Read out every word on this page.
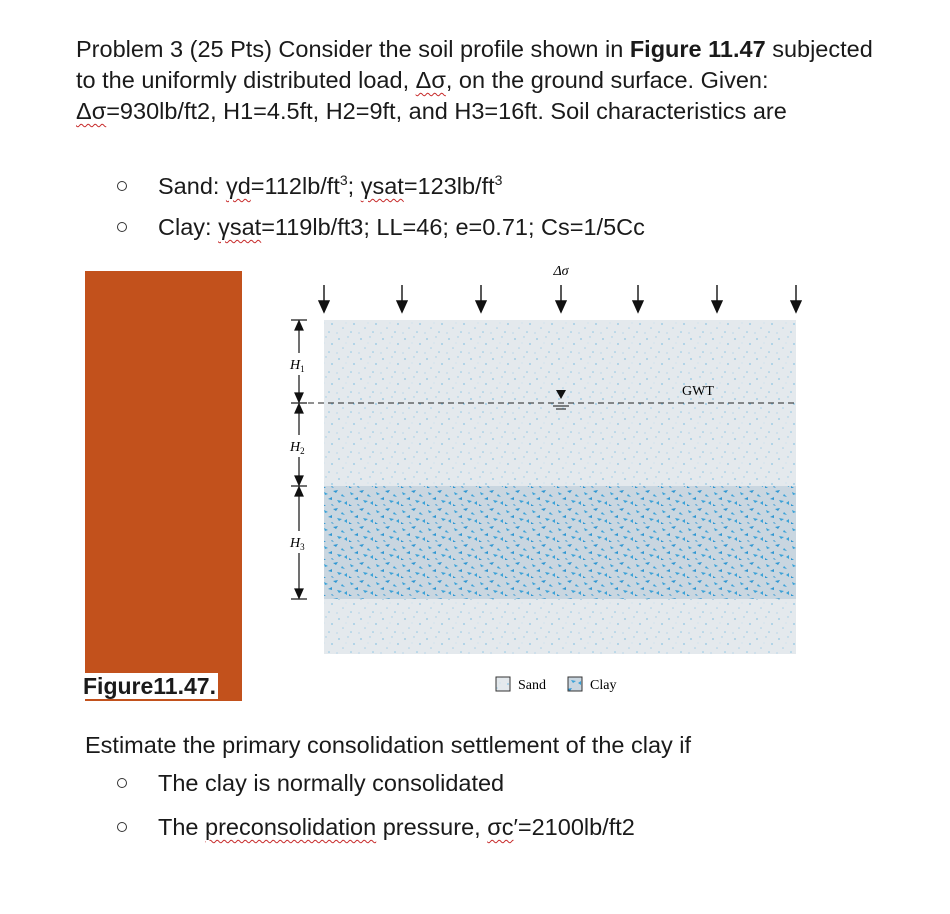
Problem 3 (25 Pts) Consider the soil profile shown in Figure 11.47 subjected to the uniformly distributed load, Δσ, on the ground surface. Given: Δσ=930lb/ft2, H1=4.5ft, H2=9ft, and H3=16ft. Soil characteristics are
Sand: $\gamma d=112lb/ft^3$; $\gamma sat=123lb/ft^3$
Clay: γsat=119lb/ft3; LL=46; e=0.71; Cs=1/5Cc
Figure11.47.
Δσ
GWT
$H_1$
$H_2$
$H_3$
Sand	Clay
Estimate the primary consolidation settlement of the clay if
The clay is normally consolidated
The preconsolidation pressure, σc′=2100lb/ft2
